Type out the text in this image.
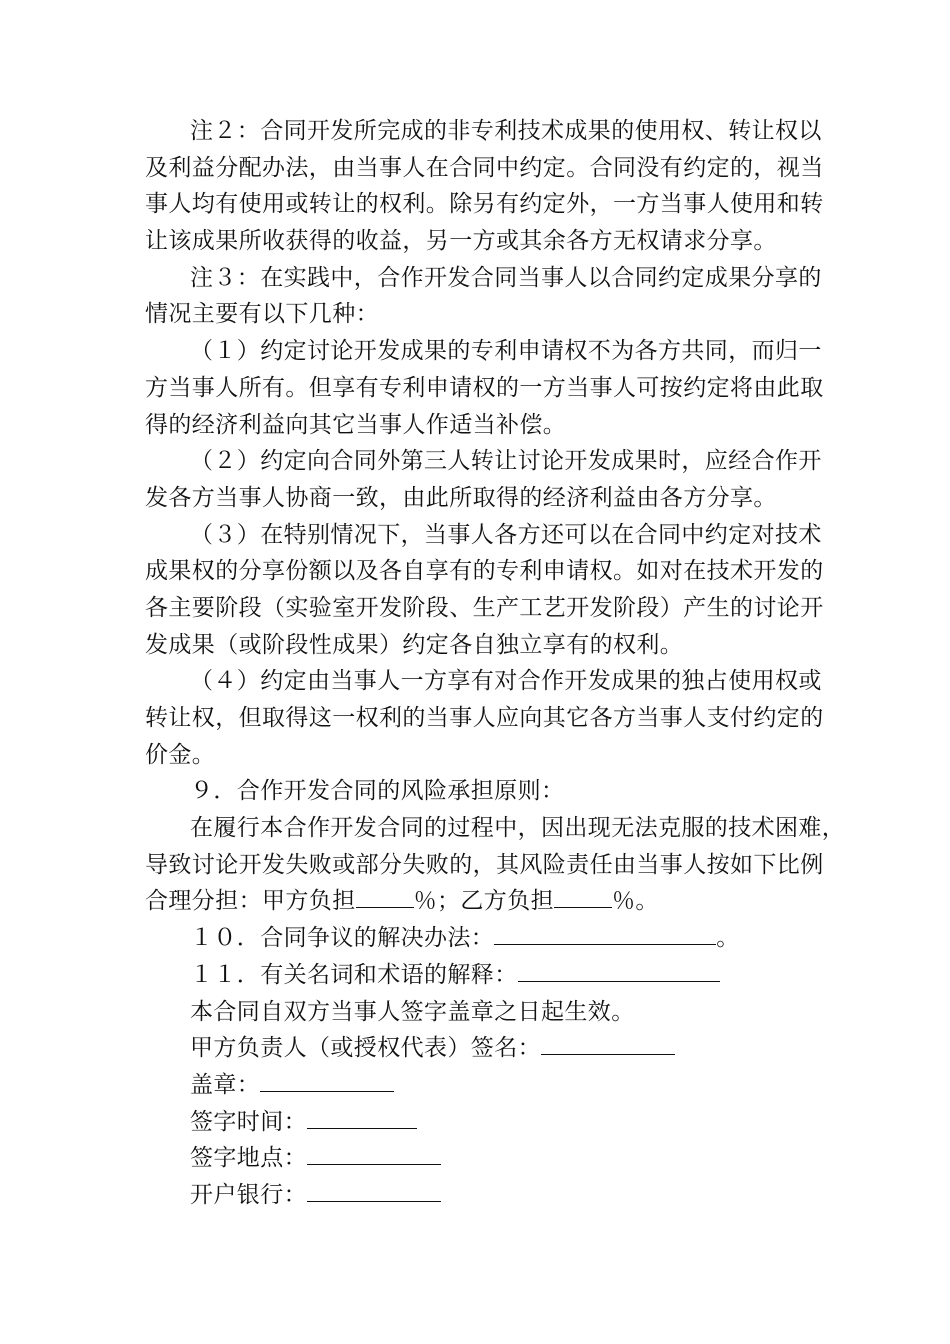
注２：合同开发所完成的非专利技术成果的使用权、转让权以
及利益分配办法，由当事人在合同中约定。合同没有约定的，视当
事人均有使用或转让的权利。除另有约定外，一方当事人使用和转
让该成果所收获得的收益，另一方或其余各方无权请求分享。
注３：在实践中，合作开发合同当事人以合同约定成果分享的
情况主要有以下几种：
（１）约定讨论开发成果的专利申请权不为各方共同，而归一
方当事人所有。但享有专利申请权的一方当事人可按约定将由此取
得的经济利益向其它当事人作适当补偿。
（２）约定向合同外第三人转让讨论开发成果时，应经合作开
发各方当事人协商一致，由此所取得的经济利益由各方分享。
（３）在特别情况下，当事人各方还可以在合同中约定对技术
成果权的分享份额以及各自享有的专利申请权。如对在技术开发的
各主要阶段（实验室开发阶段、生产工艺开发阶段）产生的讨论开
发成果（或阶段性成果）约定各自独立享有的权利。
（４）约定由当事人一方享有对合作开发成果的独占使用权或
转让权，但取得这一权利的当事人应向其它各方当事人支付约定的
价金。
９．合作开发合同的风险承担原则：
在履行本合作开发合同的过程中，因出现无法克服的技术困难，
导致讨论开发失败或部分失败的，其风险责任由当事人按如下比例
合理分担：甲方负担	％；乙方负担	％。
１０．合同争议的解决办法：	。
１１．有关名词和术语的解释：
本合同自双方当事人签字盖章之日起生效。
甲方负责人（或授权代表）签名：
盖章：
签字时间：
签字地点：
开户银行：
